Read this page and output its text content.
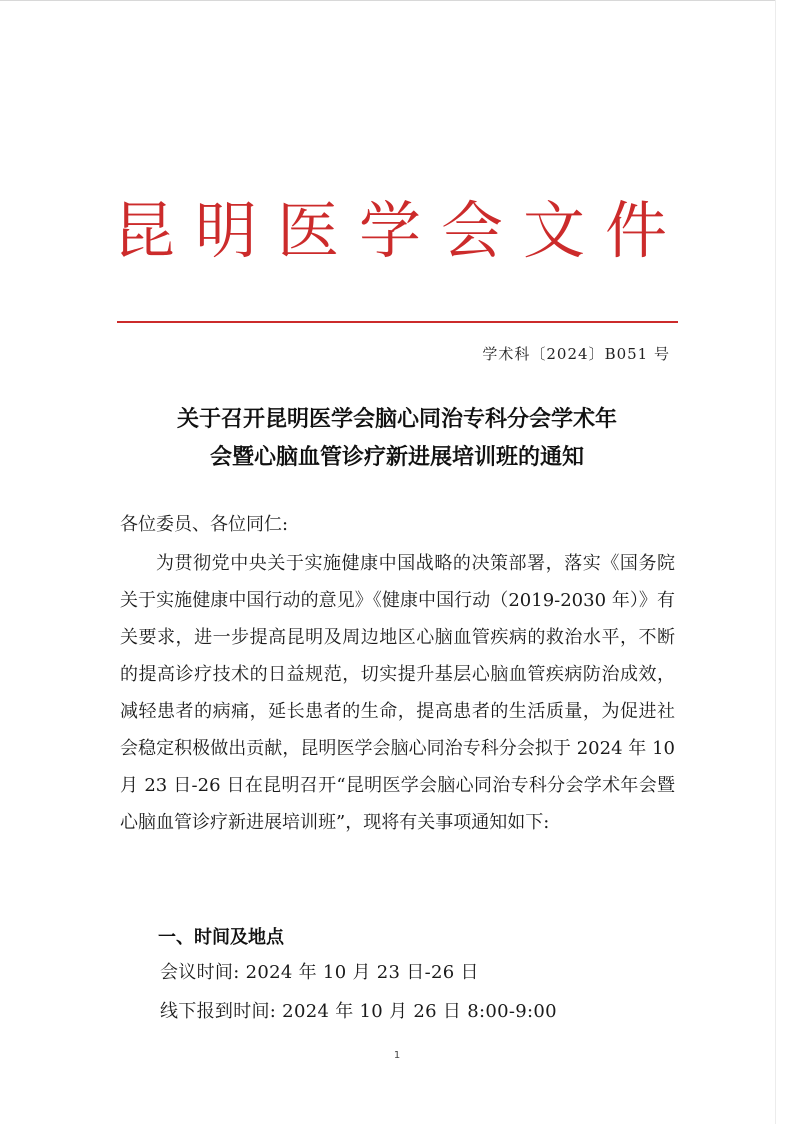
昆明医学会文件
学术科〔2024〕B051 号
关于召开昆明医学会脑心同治专科分会学术年
会暨心脑血管诊疗新进展培训班的通知
各位委员、各位同仁:
为贯彻党中央关于实施健康中国战略的决策部署，落实《国务院关于实施健康中国行动的意见》《健康中国行动（2019-2030 年）》有关要求，进一步提高昆明及周边地区心脑血管疾病的救治水平，不断的提高诊疗技术的日益规范，切实提升基层心脑血管疾病防治成效，减轻患者的病痛，延长患者的生命，提高患者的生活质量，为促进社会稳定积极做出贡献，昆明医学会脑心同治专科分会拟于 2024 年 10 月 23 日-26 日在昆明召开“昆明医学会脑心同治专科分会学术年会暨心脑血管诊疗新进展培训班”，现将有关事项通知如下:
一、时间及地点
会议时间: 2024 年 10 月 23 日-26 日
线下报到时间: 2024 年 10 月 26 日 8:00-9:00
1
